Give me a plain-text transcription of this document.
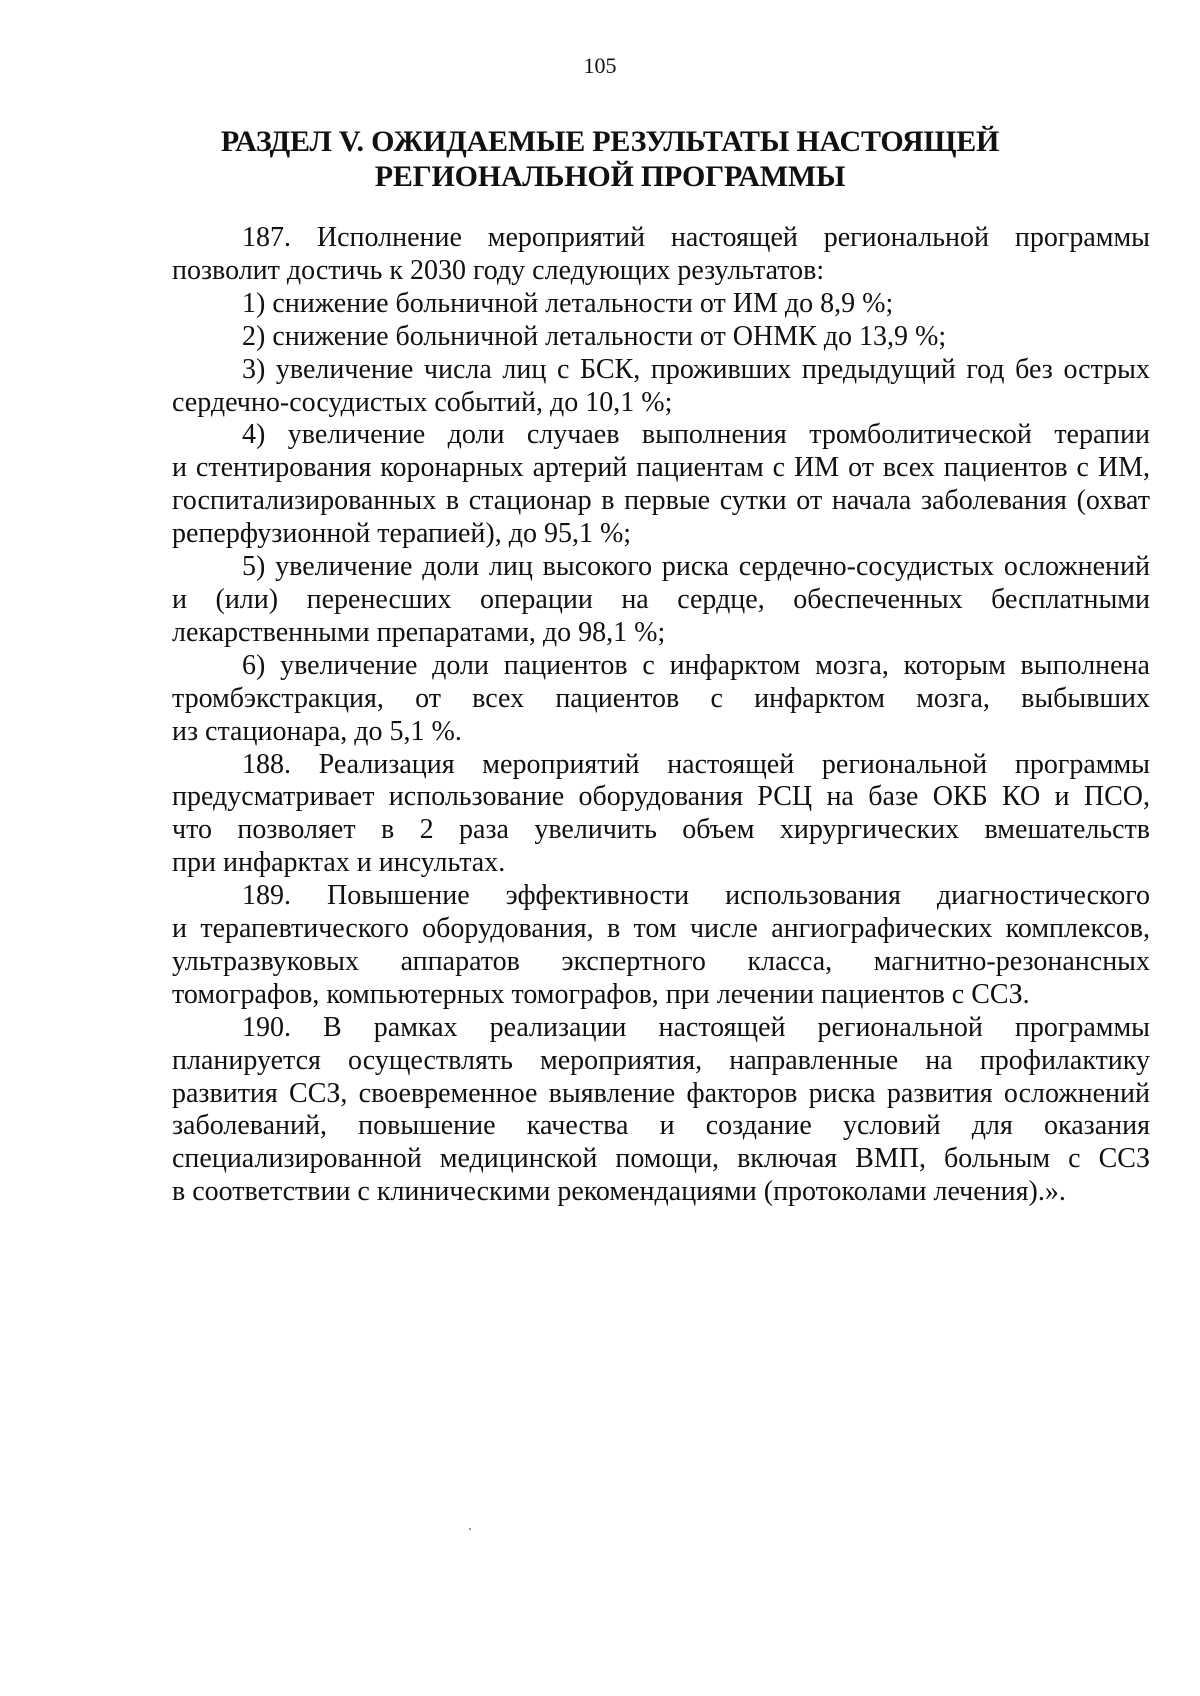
105
РАЗДЕЛ V. ОЖИДАЕМЫЕ РЕЗУЛЬТАТЫ НАСТОЯЩЕЙ
РЕГИОНАЛЬНОЙ ПРОГРАММЫ
187. Исполнение мероприятий настоящей региональной программы
позволит достичь к 2030 году следующих результатов:
1) снижение больничной летальности от ИМ до 8,9 %;
2) снижение больничной летальности от ОНМК до 13,9 %;
3) увеличение числа лиц с БСК, проживших предыдущий год без острых
сердечно-сосудистых событий, до 10,1 %;
4) увеличение доли случаев выполнения тромболитической терапии
и стентирования коронарных артерий пациентам с ИМ от всех пациентов с ИМ,
госпитализированных в стационар в первые сутки от начала заболевания (охват
реперфузионной терапией), до 95,1 %;
5) увеличение доли лиц высокого риска сердечно-сосудистых осложнений
и (или) перенесших операции на сердце, обеспеченных бесплатными
лекарственными препаратами, до 98,1 %;
6) увеличение доли пациентов с инфарктом мозга, которым выполнена
тромбэкстракция, от всех пациентов с инфарктом мозга, выбывших
из стационара, до 5,1 %.
188. Реализация мероприятий настоящей региональной программы
предусматривает использование оборудования РСЦ на базе ОКБ КО и ПСО,
что позволяет в 2 раза увеличить объем хирургических вмешательств
при инфарктах и инсультах.
189. Повышение эффективности использования диагностического
и терапевтического оборудования, в том числе ангиографических комплексов,
ультразвуковых аппаратов экспертного класса, магнитно-резонансных
томографов, компьютерных томографов, при лечении пациентов с ССЗ.
190. В рамках реализации настоящей региональной программы
планируется осуществлять мероприятия, направленные на профилактику
развития ССЗ, своевременное выявление факторов риска развития осложнений
заболеваний, повышение качества и создание условий для оказания
специализированной медицинской помощи, включая ВМП, больным с ССЗ
в соответствии с клиническими рекомендациями (протоколами лечения).».
